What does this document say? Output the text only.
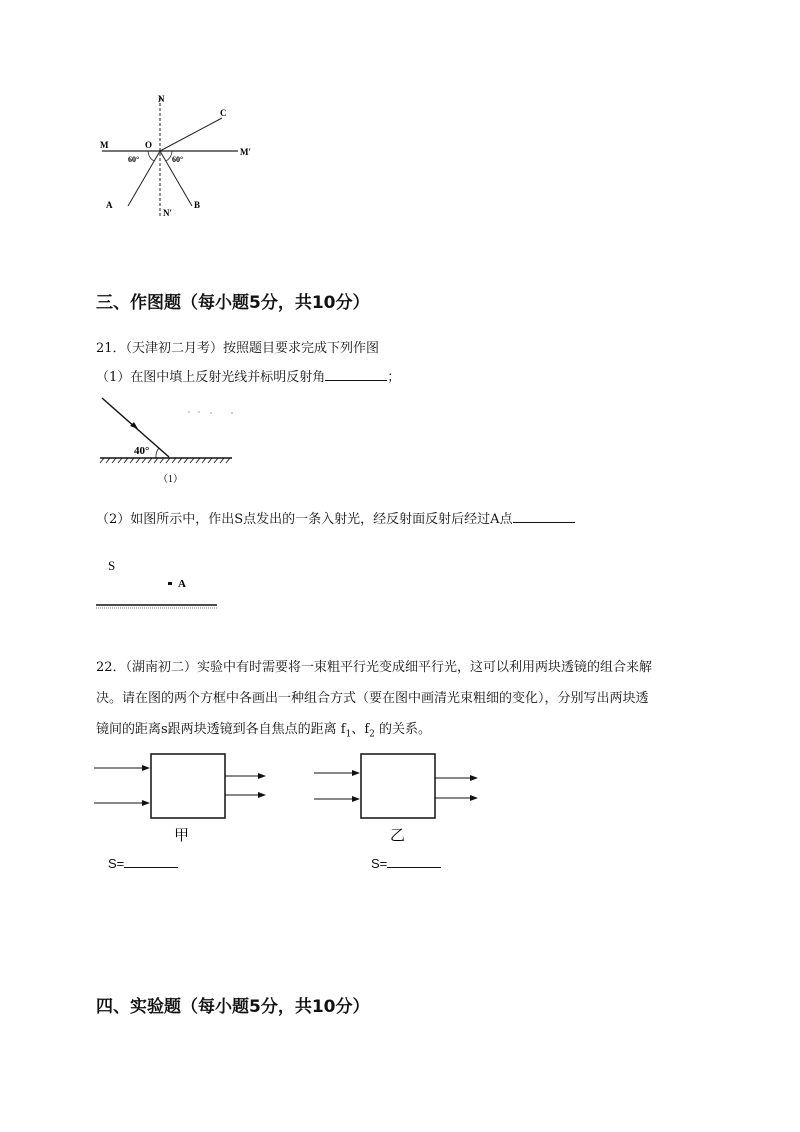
N
C
M	O
M′
60°	60°
A
N′
B
三、作图题（每小题5分，共10分）
21．（天津初二月考）按照题目要求完成下列作图
（1）在图中填上反射光线并标明反射角	；
40°
（1）
（2）如图所示中，作出S点发出的一条入射光，经反射面反射后经过A点
S
A
22．（湖南初二）实验中有时需要将一束粗平行光变成细平行光，这可以利用两块透镜的组合来解
决。请在图的两个方框中各画出一种组合方式（要在图中画清光束粗细的变化），分别写出两块透
镜间的距离s跟两块透镜到各自焦点的距离 $f_1$、$f_2$ 的关系。
甲	乙
S=	S=
四、实验题（每小题5分，共10分）
